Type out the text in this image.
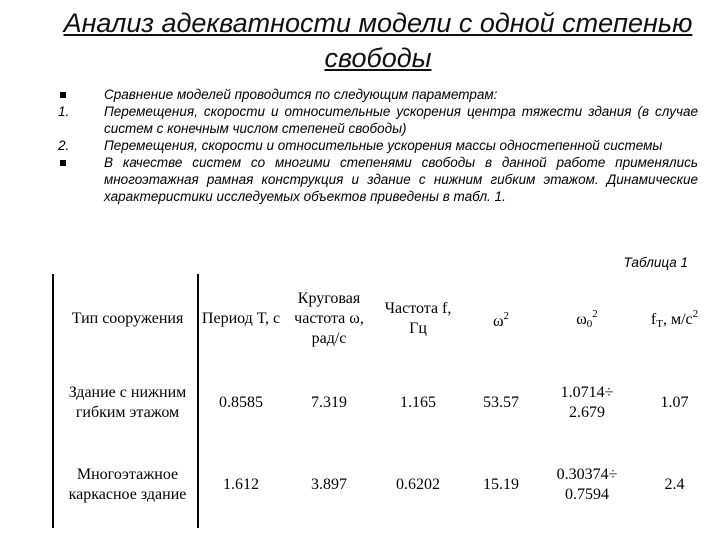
Анализ адекватности модели с одной степенью свободы
Сравнение моделей проводится по следующим параметрам:
1.	Перемещения, скорости и относительные ускорения центра тяжести здания (в случае систем с конечным числом степеней свободы)
2.	Перемещения, скорости и относительные ускорения массы одностепенной системы
В качестве систем со многими степенями свободы в данной работе применялись многоэтажная рамная конструкция и здание с нижним гибким этажом. Динамические характеристики исследуемых объектов приведены в табл. 1.
Таблица 1
Тип сооружения	Период Т, с	Круговая частота ω, рад/с	Частота f, Гц	$\omega^2$	$\omega_0^2$	$f_T$, $м/с^2$
Здание с нижним гибким этажом	0.8585	7.319	1.165	53.57	1.0714÷ 2.679	1.07
Многоэтажное каркасное здание	1.612	3.897	0.6202	15.19	0.30374÷ 0.7594	2.4
